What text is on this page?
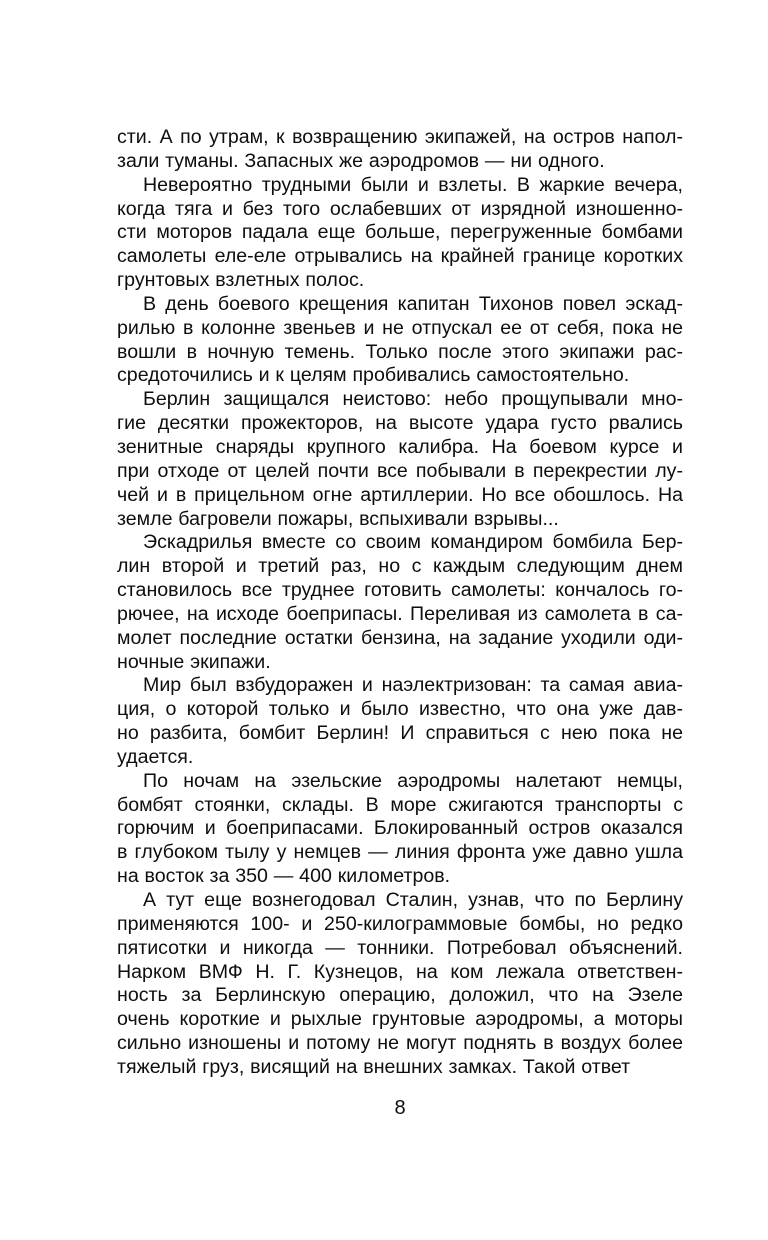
сти. А по утрам, к возвращению экипажей, на остров напол-
зали туманы. Запасных же аэродромов — ни одного.
Невероятно трудными были и взлеты. В жаркие вечера,
когда тяга и без того ослабевших от изрядной изношенно-
сти моторов падала еще больше, перегруженные бомбами
самолеты еле-еле отрывались на крайней границе коротких
грунтовых взлетных полос.
В день боевого крещения капитан Тихонов повел эскад-
рилью в колонне звеньев и не отпускал ее от себя, пока не
вошли в ночную темень. Только после этого экипажи рас-
средоточились и к целям пробивались самостоятельно.
Берлин защищался неистово: небо прощупывали мно-
гие десятки прожекторов, на высоте удара густо рвались
зенитные снаряды крупного калибра. На боевом курсе и
при отходе от целей почти все побывали в перекрестии лу-
чей и в прицельном огне артиллерии. Но все обошлось. На
земле багровели пожары, вспыхивали взрывы...
Эскадрилья вместе со своим командиром бомбила Бер-
лин второй и третий раз, но с каждым следующим днем
становилось все труднее готовить самолеты: кончалось го-
рючее, на исходе боеприпасы. Переливая из самолета в са-
молет последние остатки бензина, на задание уходили оди-
ночные экипажи.
Мир был взбудоражен и наэлектризован: та самая авиа-
ция, о которой только и было известно, что она уже дав-
но разбита, бомбит Берлин! И справиться с нею пока не
удается.
По ночам на эзельские аэродромы налетают немцы,
бомбят стоянки, склады. В море сжигаются транспорты с
горючим и боеприпасами. Блокированный остров оказался
в глубоком тылу у немцев — линия фронта уже давно ушла
на восток за 350 — 400 километров.
А тут еще вознегодовал Сталин, узнав, что по Берлину
применяются 100- и 250-килограммовые бомбы, но редко
пятисотки и никогда — тонники. Потребовал объяснений.
Нарком ВМФ Н. Г. Кузнецов, на ком лежала ответствен-
ность за Берлинскую операцию, доложил, что на Эзеле
очень короткие и рыхлые грунтовые аэродромы, а моторы
сильно изношены и потому не могут поднять в воздух более
тяжелый груз, висящий на внешних замках. Такой ответ
8
